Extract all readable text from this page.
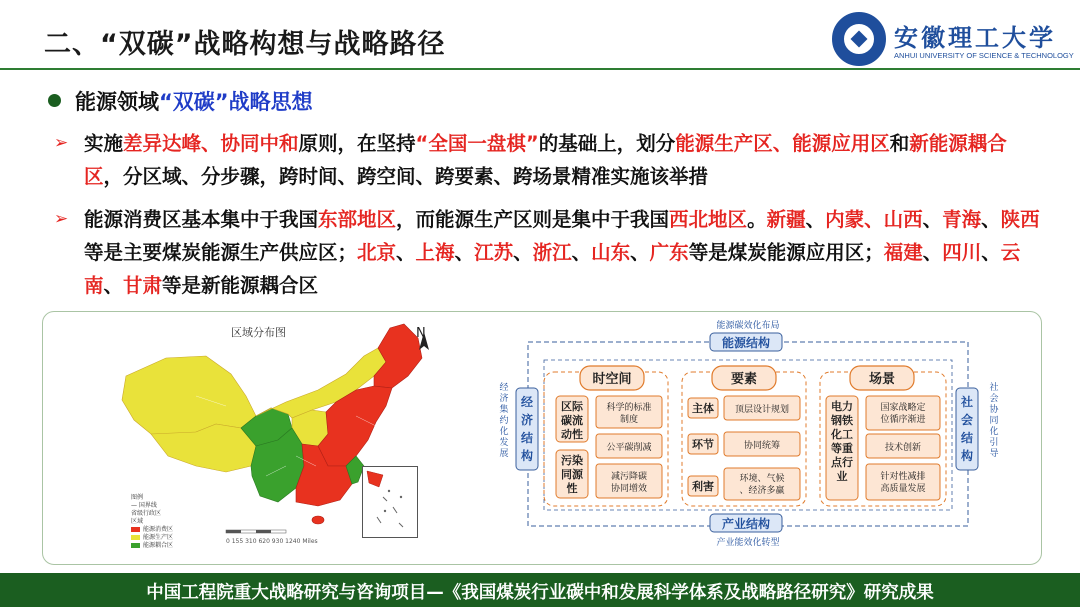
二、“双碳”战略构想与战略路径	安徽理工大学
ANHUI UNIVERSITY OF SCIENCE & TECHNOLOGY
能源领域“双碳”战略思想
➢ 实施差异达峰、协同中和原则，在坚持“全国一盘棋”的基础上，划分能源生产区、能源应用区和新能源耦合区，分区域、分步骤，跨时间、跨空间、跨要素、跨场景精准实施该举措
➢ 能源消费区基本集中于我国东部地区，而能源生产区则是集中于我国西北地区。新疆、内蒙、山西、青海、陕西等是主要煤炭能源生产供应区；北京、上海、江苏、浙江、山东、广东等是煤炭能源应用区；福建、四川、云南、甘肃等是新能源耦合区
区域分布图	N
图例
— 国界线
省级行政区
区域
能源消费区
能源生产区
能源耦合区
0 155 310 620 930 1240 Miles
能源碳效化布局
能源结构
产业结构
产业能效化转型
经
济
集
约
化
发
展
经
济
结
构
社
会
协
同
化
引
导
社
会
结
构
时空间	要素	场景
区际
碳流
动性
污染
同源
性
科学的标准
制度
公平碳削减
减污降碳
协同增效
主体
环节
利害
顶层设计规划
协同统筹
环境、气候
、经济多赢
电力
钢铁
化工
等重
点行
业
国家战略定
位循序渐进
技术创新
针对性减排
高质量发展
中国工程院重大战略研究与咨询项目—《我国煤炭行业碳中和发展科学体系及战略路径研究》研究成果
